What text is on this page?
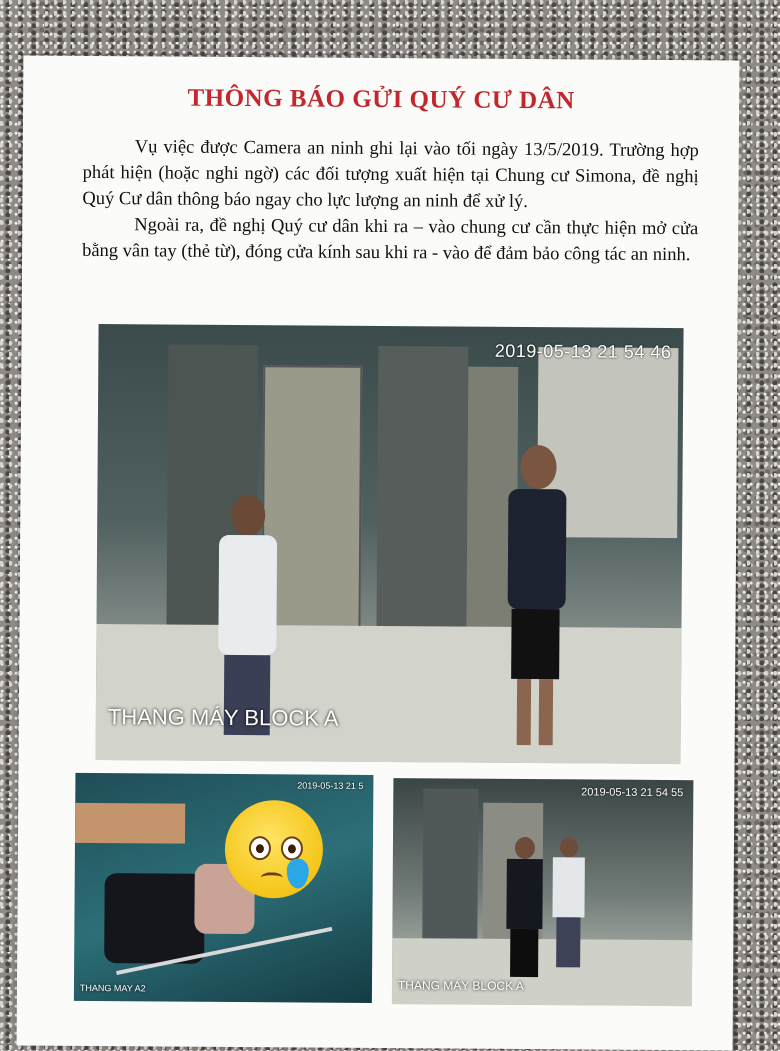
THÔNG BÁO GỬI QUÝ CƯ DÂN

Vụ việc được Camera an ninh ghi lại vào tối ngày 13/5/2019. Trường hợp phát hiện (hoặc nghi ngờ) các đối tượng xuất hiện tại Chung cư Simona, đề nghị Quý Cư dân thông báo ngay cho lực lượng an ninh để xử lý.

Ngoài ra, đề nghị Quý cư dân khi ra – vào chung cư cần thực hiện mở cửa bằng vân tay (thẻ từ), đóng cửa kính sau khi ra - vào để đảm bảo công tác an ninh.

2019-05-13 21 54 46
THANG MÁY BLOCK A
2019-05-13 21 5
THANG MAY A2
2019-05-13 21 54 55
THANG MÁY BLOCK A
